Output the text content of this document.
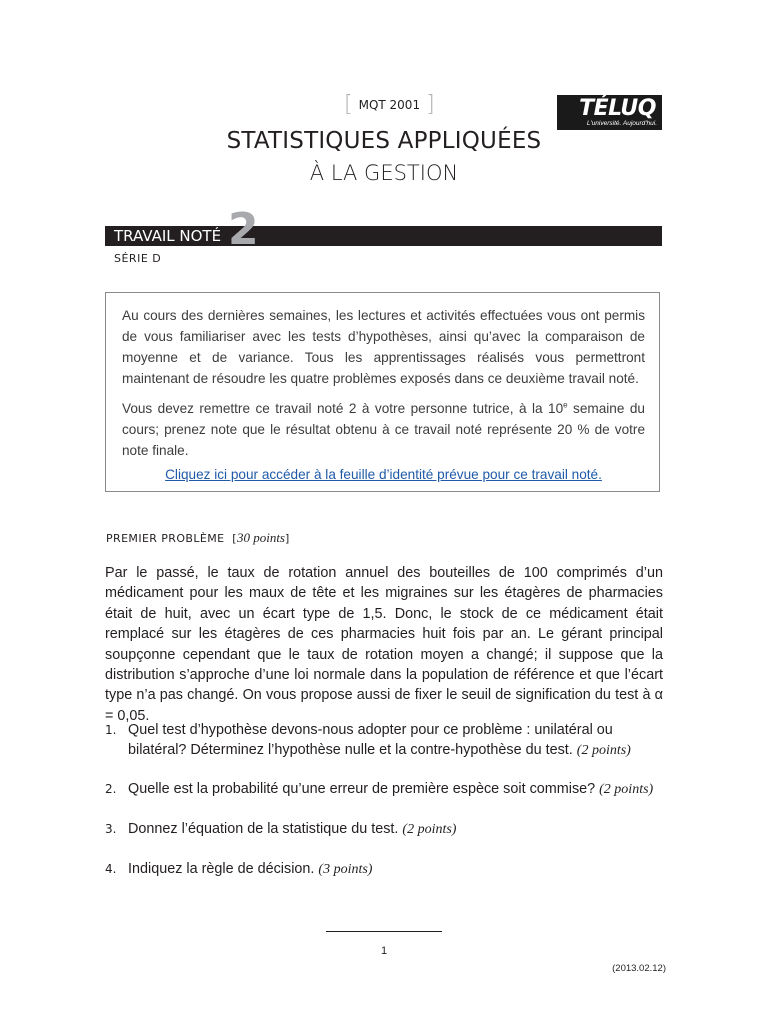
[ MQT 2001 ]	TÉLUQ
L'université. Aujourd'hui.
STATISTIQUES APPLIQUÉES
À LA GESTION
TRAVAIL NOTÉ 2
SÉRIE D

Au cours des dernières semaines, les lectures et activités effectuées vous ont permis de vous familiariser avec les tests d’hypothèses, ainsi qu’avec la comparaison de moyenne et de variance. Tous les apprentissages réalisés vous permettront maintenant de résoudre les quatre problèmes exposés dans ce deuxième travail noté.

Vous devez remettre ce travail noté 2 à votre personne tutrice, à la 10e semaine du cours; prenez note que le résultat obtenu à ce travail noté représente 20 % de votre note finale.

Cliquez ici pour accéder à la feuille d’identité prévue pour ce travail noté.
PREMIER PROBLÈME  [30 points]

Par le passé, le taux de rotation annuel des bouteilles de 100 comprimés d’un médicament pour les maux de tête et les migraines sur les étagères de pharmacies était de huit, avec un écart type de 1,5. Donc, le stock de ce médicament était remplacé sur les étagères de ces pharmacies huit fois par an. Le gérant principal soupçonne cependant que le taux de rotation moyen a changé; il suppose que la distribution s’approche d’une loi normale dans la population de référence et que l’écart type n’a pas changé. On vous propose aussi de fixer le seuil de signification du test à α = 0,05.

1. Quel test d’hypothèse devons-nous adopter pour ce problème : unilatéral ou bilatéral? Déterminez l’hypothèse nulle et la contre-hypothèse du test. (2 points)
2. Quelle est la probabilité qu’une erreur de première espèce soit commise? (2 points)
3. Donnez l’équation de la statistique du test. (2 points)
4. Indiquez la règle de décision. (3 points)
1
(2013.02.12)
